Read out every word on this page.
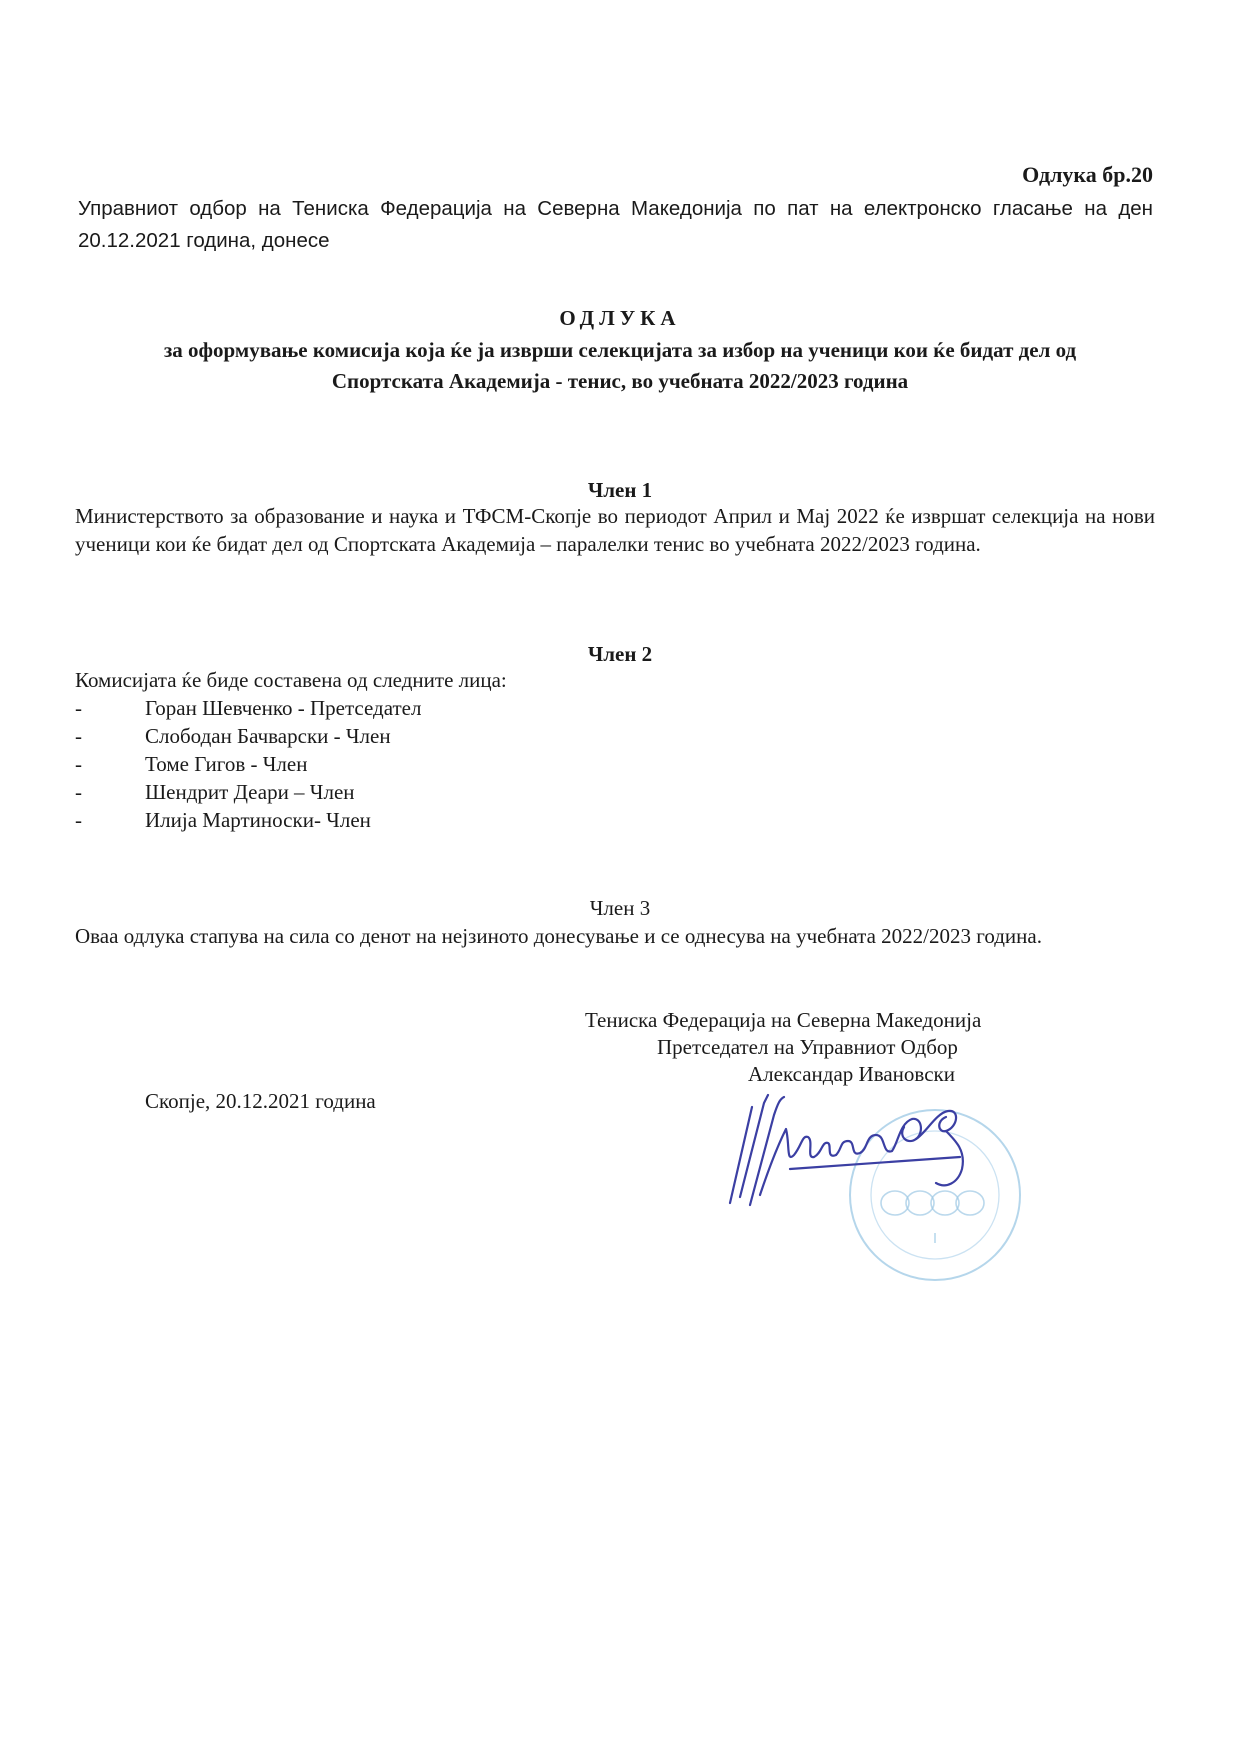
Одлука бр.20
Управниот одбор на Тениска Федерација на Северна Македонија по пат на електронско гласање на ден 20.12.2021 година, донесе
ОДЛУКА
за оформување комисија која ќе ја изврши селекцијата за избор на ученици кои ќе бидат дел од
Спортската Академија - тенис, во учебната 2022/2023 година
Член 1
Министерството за образование и наука и ТФСМ-Скопје во периодот Април и Мај 2022 ќе извршат селекција на нови ученици кои ќе бидат дел од Спортската Академија – паралелки тенис во учебната 2022/2023 година.
Член 2
Комисијата ќе биде составена од следните лица:
-	Горан Шевченко - Претседател
-	Слободан Бачварски - Член
-	Томе Гигов - Член
-	Шендрит Деари – Член
-	Илија Мартиноски- Член
Член 3
Оваа одлука стапува на сила со денот на нејзиното донесување и се однесува на учебната 2022/2023 година.
Тениска Федерација на Северна Македонија
Претседател на Управниот Одбор
Александар Ивановски
Скопје, 20.12.2021 година
